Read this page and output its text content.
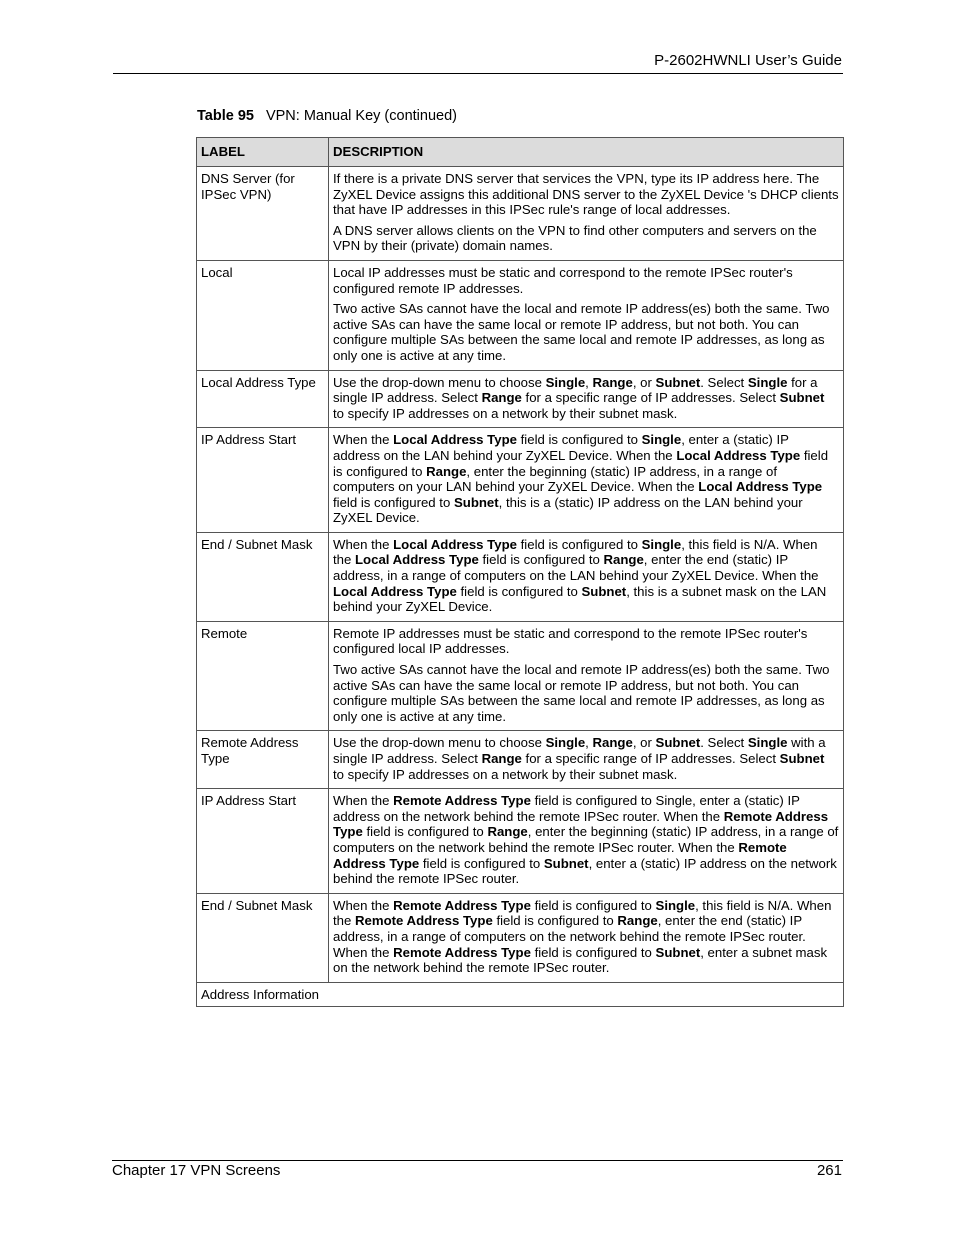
P-2602HWNLI User’s Guide
Table 95 VPN: Manual Key (continued)
LABEL	DESCRIPTION
DNS Server (for IPSec VPN)	If there is a private DNS server that services the VPN, type its IP address here. The ZyXEL Device assigns this additional DNS server to the ZyXEL Device 's DHCP clients that have IP addresses in this IPSec rule's range of local addresses.

A DNS server allows clients on the VPN to find other computers and servers on the VPN by their (private) domain names.

Local	Local IP addresses must be static and correspond to the remote IPSec router's configured remote IP addresses.

Two active SAs cannot have the local and remote IP address(es) both the same. Two active SAs can have the same local or remote IP address, but not both. You can configure multiple SAs between the same local and remote IP addresses, as long as only one is active at any time.

Local Address Type	Use the drop-down menu to choose Single, Range, or Subnet. Select Single for a single IP address. Select Range for a specific range of IP addresses. Select Subnet to specify IP addresses on a network by their subnet mask.

IP Address Start	When the Local Address Type field is configured to Single, enter a (static) IP address on the LAN behind your ZyXEL Device. When the Local Address Type field is configured to Range, enter the beginning (static) IP address, in a range of computers on your LAN behind your ZyXEL Device. When the Local Address Type field is configured to Subnet, this is a (static) IP address on the LAN behind your ZyXEL Device.

End / Subnet Mask	When the Local Address Type field is configured to Single, this field is N/A. When the Local Address Type field is configured to Range, enter the end (static) IP address, in a range of computers on the LAN behind your ZyXEL Device. When the Local Address Type field is configured to Subnet, this is a subnet mask on the LAN behind your ZyXEL Device.

Remote	Remote IP addresses must be static and correspond to the remote IPSec router's configured local IP addresses.

Two active SAs cannot have the local and remote IP address(es) both the same. Two active SAs can have the same local or remote IP address, but not both. You can configure multiple SAs between the same local and remote IP addresses, as long as only one is active at any time.

Remote Address Type	Use the drop-down menu to choose Single, Range, or Subnet. Select Single with a single IP address. Select Range for a specific range of IP addresses. Select Subnet to specify IP addresses on a network by their subnet mask.

IP Address Start	When the Remote Address Type field is configured to Single, enter a (static) IP address on the network behind the remote IPSec router. When the Remote Address Type field is configured to Range, enter the beginning (static) IP address, in a range of computers on the network behind the remote IPSec router. When the Remote Address Type field is configured to Subnet, enter a (static) IP address on the network behind the remote IPSec router.

End / Subnet Mask	When the Remote Address Type field is configured to Single, this field is N/A. When the Remote Address Type field is configured to Range, enter the end (static) IP address, in a range of computers on the network behind the remote IPSec router. When the Remote Address Type field is configured to Subnet, enter a subnet mask on the network behind the remote IPSec router.

Address Information	
Chapter 17 VPN Screens	261
